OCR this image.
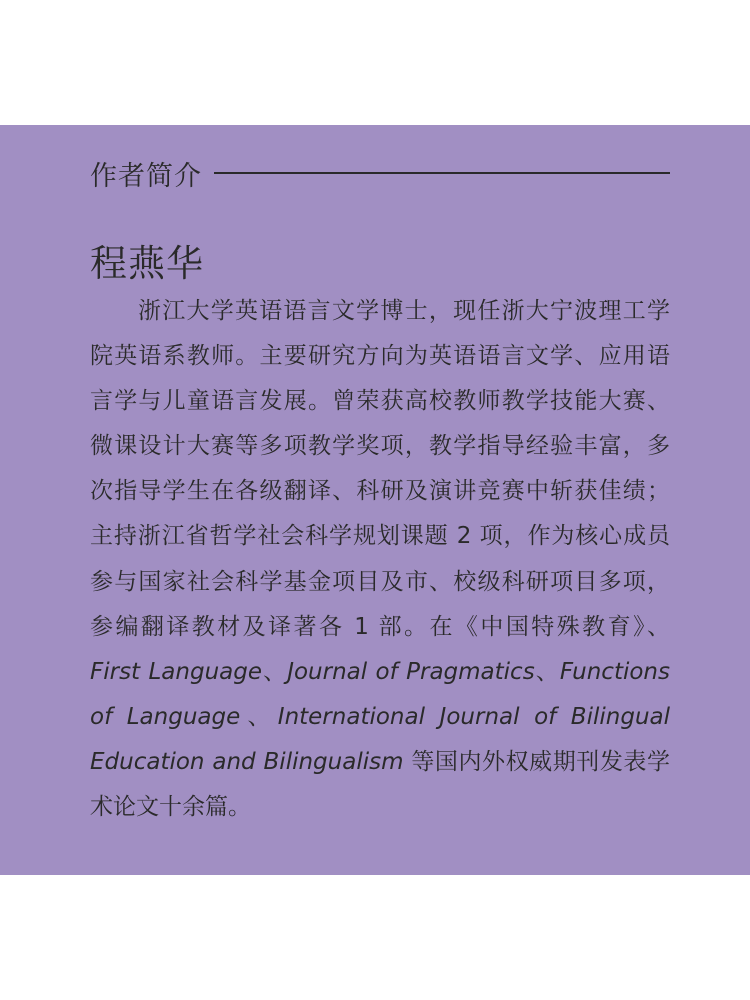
作者简介
程燕华
浙江大学英语语言文学博士，现任浙大宁波理工学
院英语系教师。主要研究方向为英语语言文学、应用语
言学与儿童语言发展。曾荣获高校教师教学技能大赛、
微课设计大赛等多项教学奖项，教学指导经验丰富，多
次指导学生在各级翻译、科研及演讲竞赛中斩获佳绩；
主持浙江省哲学社会科学规划课题 2 项，作为核心成员
参与国家社会科学基金项目及市、校级科研项目多项，
参编翻译教材及译著各 1 部。在《中国特殊教育》、
First Language、Journal of Pragmatics、Functions
of Language、International Journal of Bilingual
Education and Bilingualism 等国内外权威期刊发表学
术论文十余篇。
